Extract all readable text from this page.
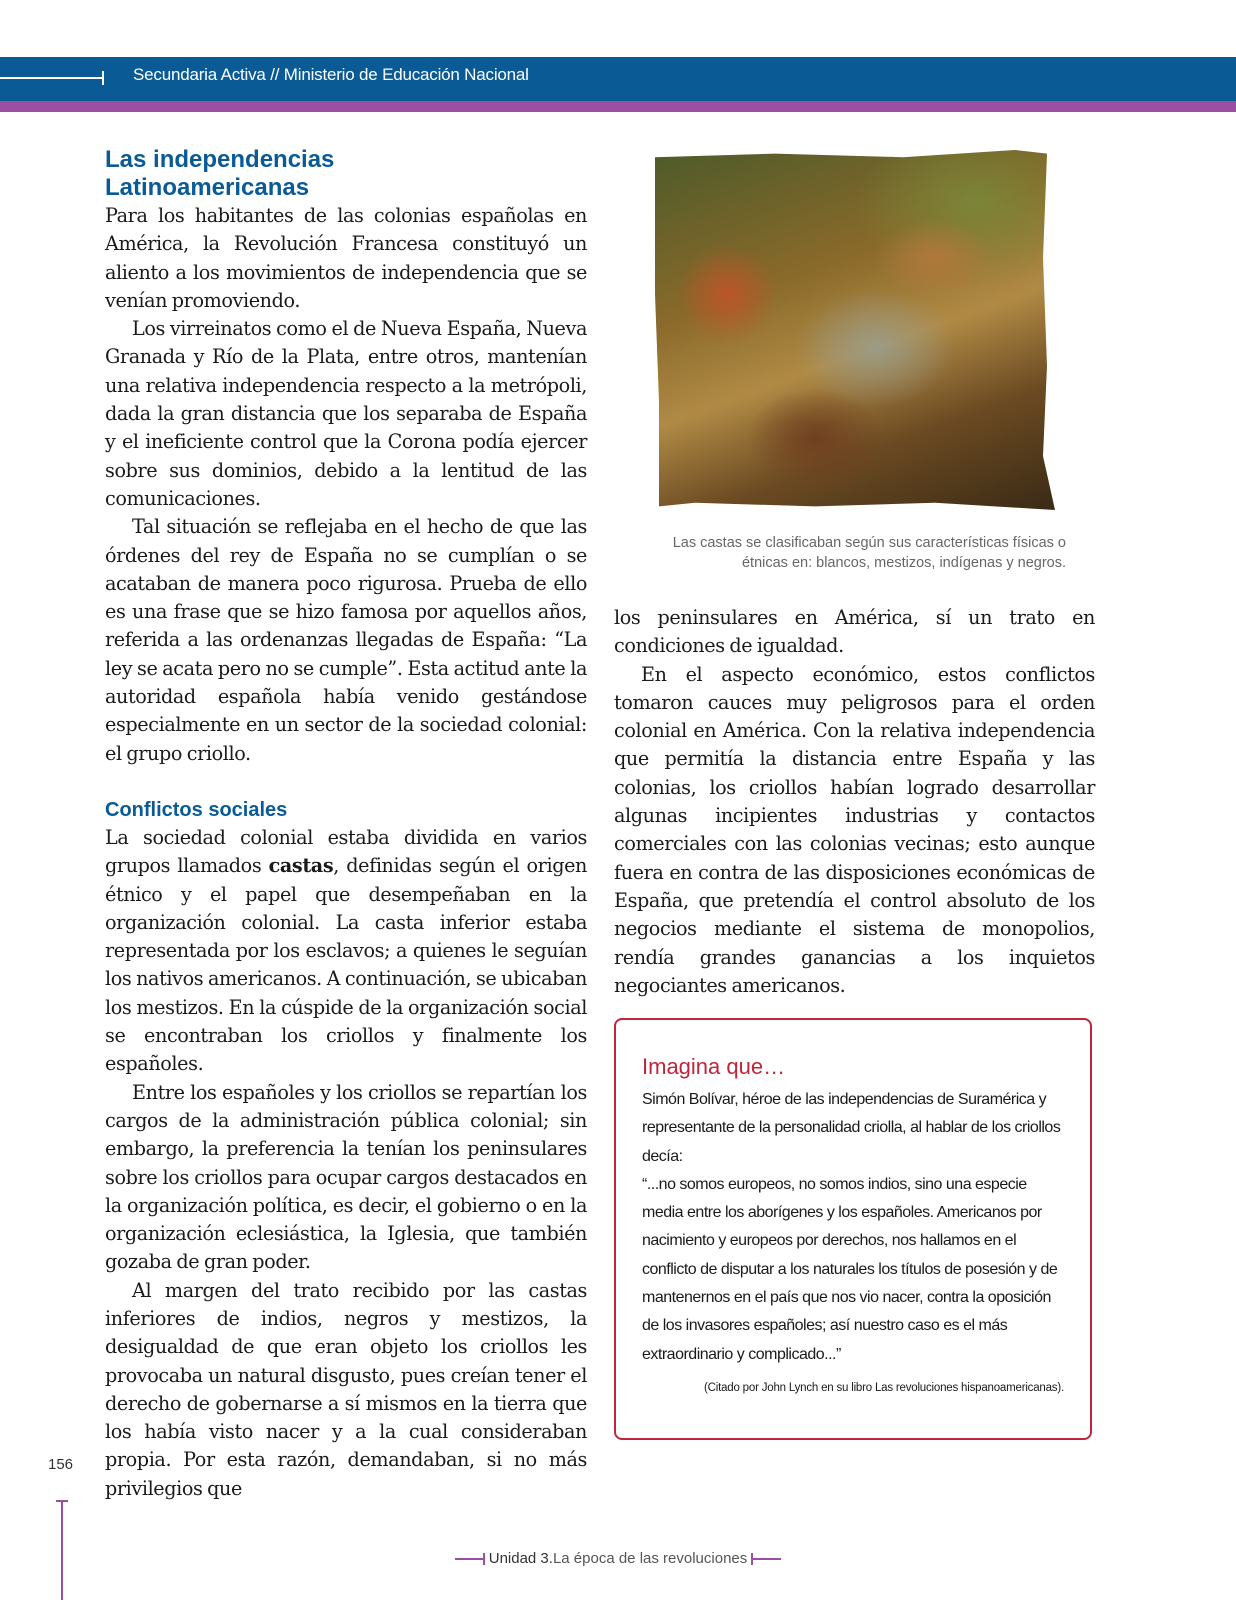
Secundaria Activa // Ministerio de Educación Nacional
Las independencias
Latinoamericanas

Para los habitantes de las colonias españolas en América, la Revolución Francesa constituyó un aliento a los movimientos de independencia que se venían promoviendo.

Los virreinatos como el de Nueva España, Nueva Granada y Río de la Plata, entre otros, mantenían una relativa independencia respecto a la metrópoli, dada la gran distancia que los separaba de España y el ineficiente control que la Corona podía ejercer sobre sus dominios, debido a la lentitud de las comunicaciones.

Tal situación se reflejaba en el hecho de que las órdenes del rey de España no se cumplían o se acataban de manera poco rigurosa. Prueba de ello es una frase que se hizo famosa por aquellos años, referida a las ordenanzas llegadas de España: “La ley se acata pero no se cumple”. Esta actitud ante la autoridad española había venido gestándose especialmente en un sector de la sociedad colonial: el grupo criollo.

Conflictos sociales

La sociedad colonial estaba dividida en varios grupos llamados castas, definidas según el origen étnico y el papel que desempeñaban en la organización colonial. La casta inferior estaba representada por los esclavos; a quienes le seguían los nativos americanos. A continuación, se ubicaban los mestizos. En la cúspide de la organización social se encontraban los criollos y finalmente los españoles.

Entre los españoles y los criollos se repartían los cargos de la administración pública colonial; sin embargo, la preferencia la tenían los peninsulares sobre los criollos para ocupar cargos destacados en la organización política, es decir, el gobierno o en la organización eclesiástica, la Iglesia, que también gozaba de gran poder.

Al margen del trato recibido por las castas inferiores de indios, negros y mestizos, la desigualdad de que eran objeto los criollos les provocaba un natural disgusto, pues creían tener el derecho de gobernarse a sí mismos en la tierra que los había visto nacer y a la cual consideraban propia. Por esta razón, demandaban, si no más privilegios que

Las castas se clasificaban según sus características físicas o étnicas en: blancos, mestizos, indígenas y negros.

los peninsulares en América, sí un trato en condiciones de igualdad.

En el aspecto económico, estos conflictos tomaron cauces muy peligrosos para el orden colonial en América. Con la relativa independencia que permitía la distancia entre España y las colonias, los criollos habían logrado desarrollar algunas incipientes industrias y contactos comerciales con las colonias vecinas; esto aunque fuera en contra de las disposiciones económicas de España, que pretendía el control absoluto de los negocios mediante el sistema de monopolios, rendía grandes ganancias a los inquietos negociantes americanos.

Imagina que…

Simón Bolívar, héroe de las independencias de Suramérica y representante de la personalidad criolla, al hablar de los criollos decía:

“...no somos europeos, no somos indios, sino una especie media entre los aborígenes y los españoles. Americanos por nacimiento y europeos por derechos, nos hallamos en el conflicto de disputar a los naturales los títulos de posesión y de mantenernos en el país que nos vio nacer, contra la oposición de los invasores españoles; así nuestro caso es el más extraordinario y complicado...”

(Citado por John Lynch en su libro Las revoluciones hispanoamericanas).
156
Unidad 3.La época de las revoluciones
